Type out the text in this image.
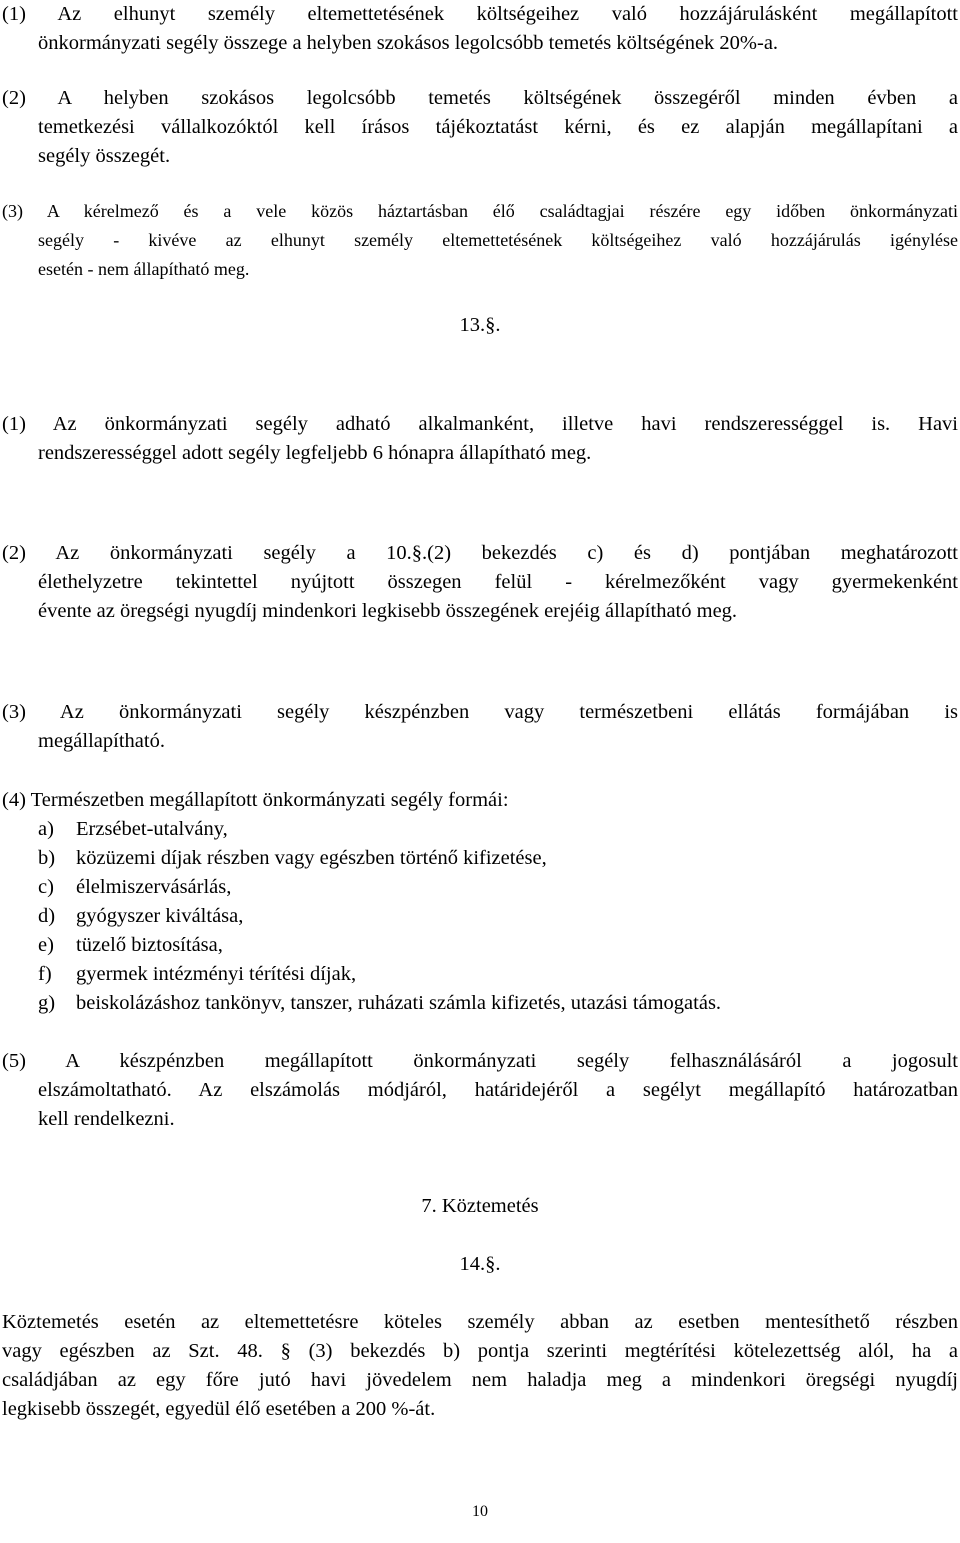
(1) Az elhunyt személy eltemettetésének költségeihez való hozzájárulásként megállapított
önkormányzati segély összege a helyben szokásos legolcsóbb temetés költségének 20%-a.
(2) A helyben szokásos legolcsóbb temetés költségének összegéről minden évben a
temetkezési vállalkozóktól kell írásos tájékoztatást kérni, és ez alapján megállapítani a
segély összegét.
(3) A kérelmező és a vele közös háztartásban élő családtagjai részére egy időben önkormányzati
segély - kivéve az elhunyt személy eltemettetésének költségeihez való hozzájárulás igénylése
esetén - nem állapítható meg.
13.§.
(1) Az önkormányzati segély adható alkalmanként, illetve havi rendszerességgel is. Havi
rendszerességgel adott segély legfeljebb 6 hónapra állapítható meg.
(2) Az önkormányzati segély a 10.§.(2) bekezdés c) és d) pontjában meghatározott
élethelyzetre tekintettel nyújtott összegen felül - kérelmezőként vagy gyermekenként
évente az öregségi nyugdíj mindenkori legkisebb összegének erejéig állapítható meg.
(3) Az önkormányzati segély készpénzben vagy természetbeni ellátás formájában is
megállapítható.
(4) Természetben megállapított önkormányzati segély formái:
a)	Erzsébet-utalvány,
b)	közüzemi díjak részben vagy egészben történő kifizetése,
c)	élelmiszervásárlás,
d)	gyógyszer kiváltása,
e)	tüzelő biztosítása,
f)	gyermek intézményi térítési díjak,
g)	beiskolázáshoz tankönyv, tanszer, ruházati számla kifizetés, utazási támogatás.
(5) A készpénzben megállapított önkormányzati segély felhasználásáról a jogosult
elszámoltatható. Az elszámolás módjáról, határidejéről a segélyt megállapító határozatban
kell rendelkezni.
7. Köztemetés
14.§.
Köztemetés esetén az eltemettetésre köteles személy abban az esetben mentesíthető részben
vagy egészben az Szt. 48. § (3) bekezdés b) pontja szerinti megtérítési kötelezettség alól, ha a
családjában az egy főre jutó havi jövedelem nem haladja meg a mindenkori öregségi nyugdíj
legkisebb összegét, egyedül élő esetében a 200 %-át.
10
